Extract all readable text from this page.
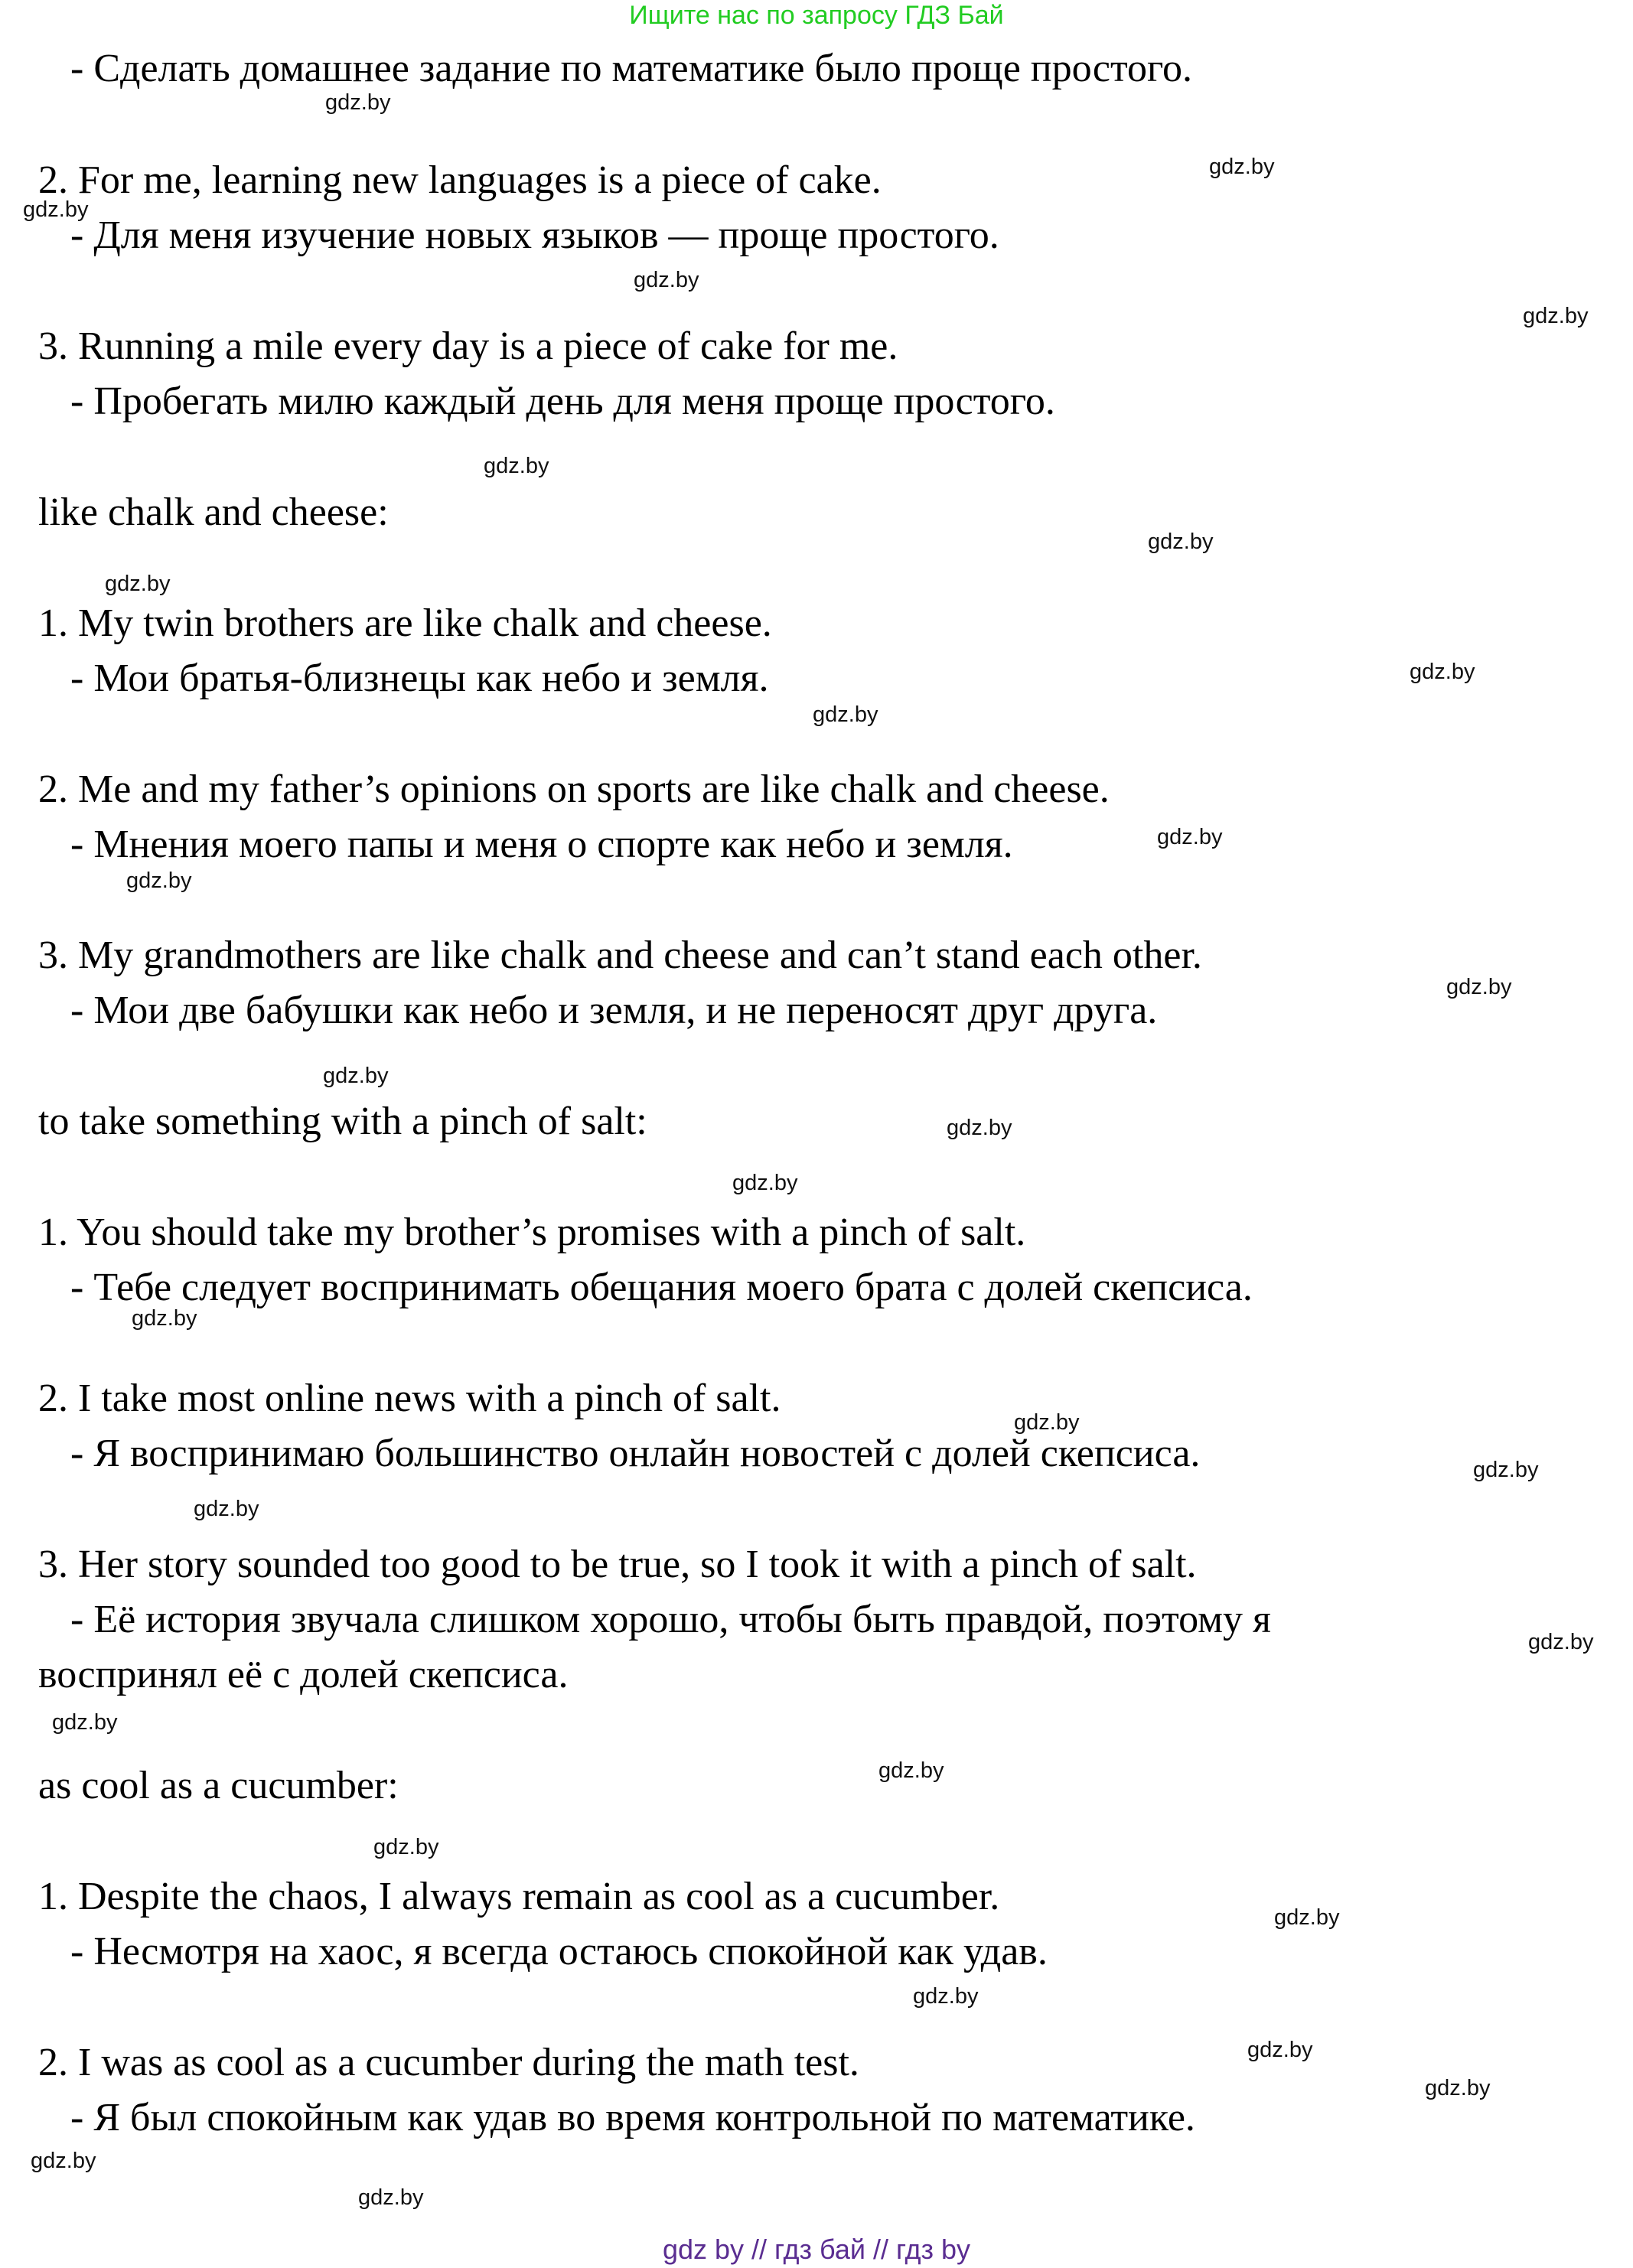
Ищите нас по запросу ГДЗ Бай
- Сделать домашнее задание по математике было проще простого.
2. For me, learning new languages is a piece of cake.
- Для меня изучение новых языков — проще простого.
3. Running a mile every day is a piece of cake for me.
- Пробегать милю каждый день для меня проще простого.
like chalk and cheese:
1. My twin brothers are like chalk and cheese.
- Мои братья-близнецы как небо и земля.
2. Me and my father’s opinions on sports are like chalk and cheese.
- Мнения моего папы и меня о спорте как небо и земля.
3. My grandmothers are like chalk and cheese and can’t stand each other.
- Мои две бабушки как небо и земля, и не переносят друг друга.
to take something with a pinch of salt:
1. You should take my brother’s promises with a pinch of salt.
- Тебе следует воспринимать обещания моего брата с долей скепсиса.
2. I take most online news with a pinch of salt.
- Я воспринимаю большинство онлайн новостей с долей скепсиса.
3. Her story sounded too good to be true, so I took it with a pinch of salt.
- Её история звучала слишком хорошо, чтобы быть правдой, поэтому я
воспринял её с долей скепсиса.
as cool as a cucumber:
1. Despite the chaos, I always remain as cool as a cucumber.
- Несмотря на хаос, я всегда остаюсь спокойной как удав.
2. I was as cool as a cucumber during the math test.
- Я был спокойным как удав во время контрольной по математике.
gdz.by
gdz.by
gdz.by
gdz.by
gdz.by
gdz.by
gdz.by
gdz.by
gdz.by
gdz.by
gdz.by
gdz.by
gdz.by
gdz.by
gdz.by
gdz.by
gdz.by
gdz.by
gdz.by
gdz.by
gdz.by
gdz.by
gdz.by
gdz.by
gdz.by
gdz.by
gdz.by
gdz.by
gdz.by
gdz.by
gdz by // гдз бай // гдз by
